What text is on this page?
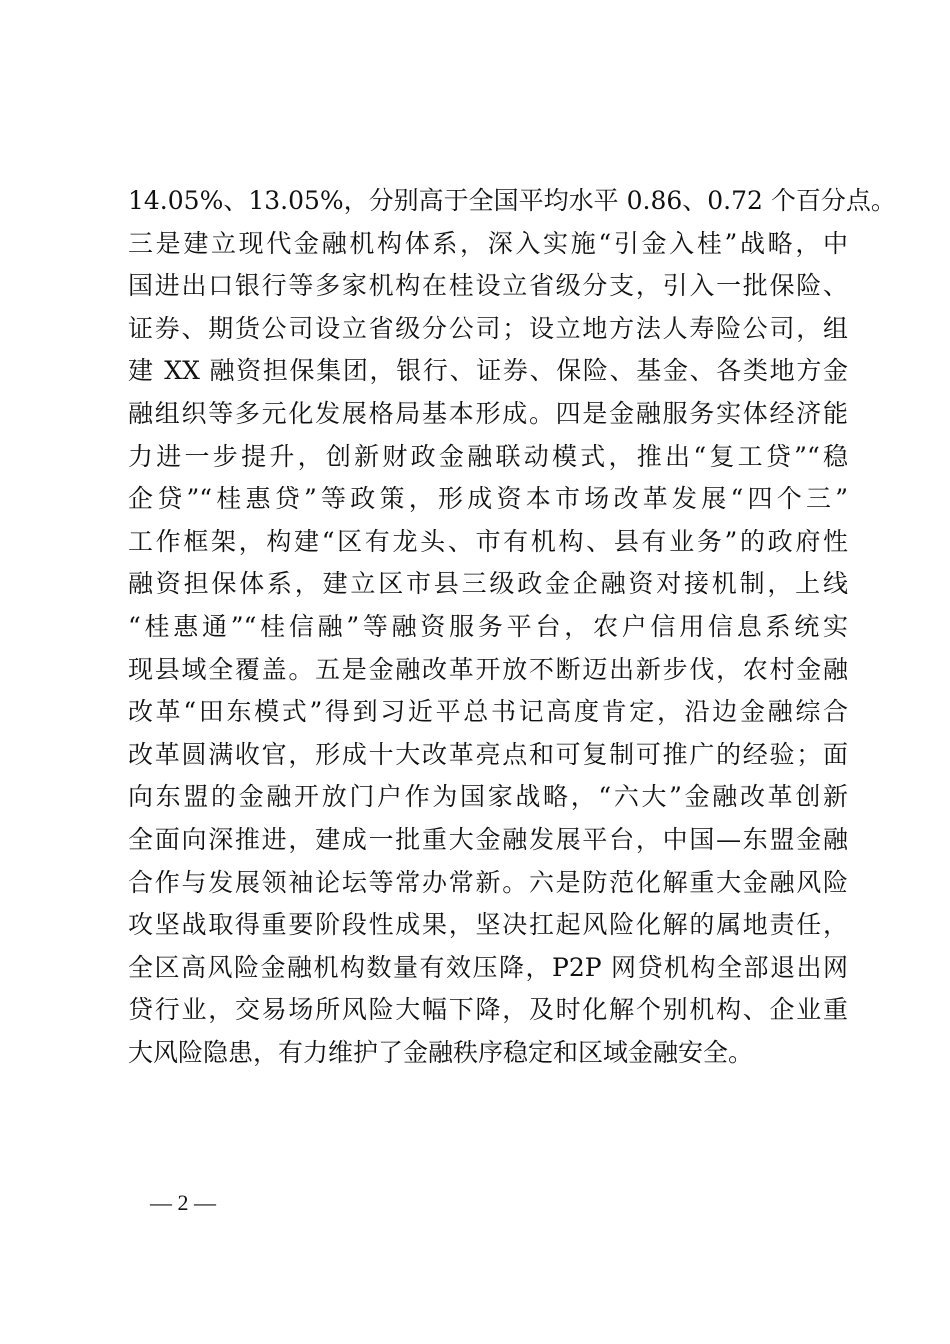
14.05%、13.05%，分别高于全国平均水平 0.86、0.72 个百分点。
三是建立现代金融机构体系，深入实施“引金入桂”战略，中
国进出口银行等多家机构在桂设立省级分支，引入一批保险、
证券、期货公司设立省级分公司；设立地方法人寿险公司，组
建 XX 融资担保集团，银行、证券、保险、基金、各类地方金
融组织等多元化发展格局基本形成。四是金融服务实体经济能
力进一步提升，创新财政金融联动模式，推出“复工贷”“稳
企贷”“桂惠贷”等政策，形成资本市场改革发展“四个三”
工作框架，构建“区有龙头、市有机构、县有业务”的政府性
融资担保体系，建立区市县三级政金企融资对接机制，上线
“桂惠通”“桂信融”等融资服务平台，农户信用信息系统实
现县域全覆盖。五是金融改革开放不断迈出新步伐，农村金融
改革“田东模式”得到习近平总书记高度肯定，沿边金融综合
改革圆满收官，形成十大改革亮点和可复制可推广的经验；面
向东盟的金融开放门户作为国家战略，“六大”金融改革创新
全面向深推进，建成一批重大金融发展平台，中国—东盟金融
合作与发展领袖论坛等常办常新。六是防范化解重大金融风险
攻坚战取得重要阶段性成果，坚决扛起风险化解的属地责任，
全区高风险金融机构数量有效压降，P2P 网贷机构全部退出网
贷行业，交易场所风险大幅下降，及时化解个别机构、企业重
大风险隐患，有力维护了金融秩序稳定和区域金融安全。
— 2 —
